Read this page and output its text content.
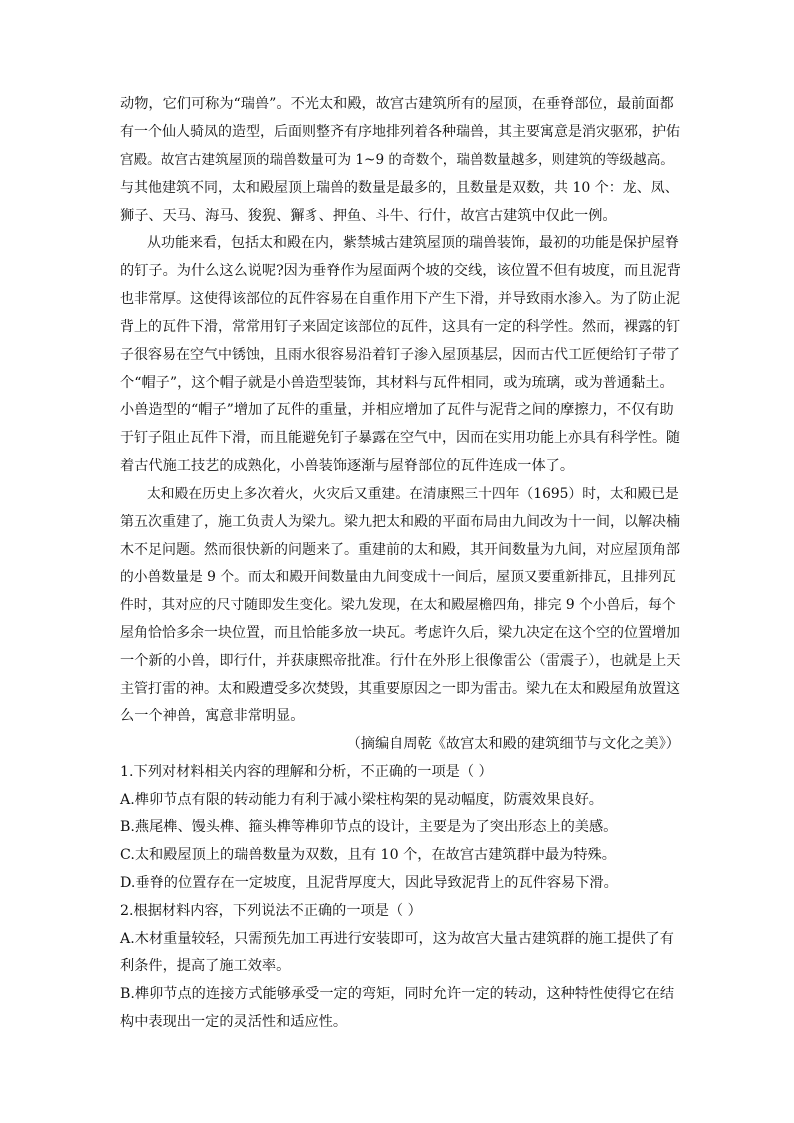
动物，它们可称为“瑞兽”。不光太和殿，故宫古建筑所有的屋顶，在垂脊部位，最前面都
有一个仙人骑凤的造型，后面则整齐有序地排列着各种瑞兽，其主要寓意是消灾驱邪，护佑
宫殿。故宫古建筑屋顶的瑞兽数量可为 1~9 的奇数个，瑞兽数量越多，则建筑的等级越高。
与其他建筑不同，太和殿屋顶上瑞兽的数量是最多的，且数量是双数，共 10 个：龙、凤、
狮子、天马、海马、狻猊、獬豸、押鱼、斗牛、行什，故宫古建筑中仅此一例。
从功能来看，包括太和殿在内，紫禁城古建筑屋顶的瑞兽装饰，最初的功能是保护屋脊
的钉子。为什么这么说呢?因为垂脊作为屋面两个坡的交线，该位置不但有坡度，而且泥背
也非常厚。这使得该部位的瓦件容易在自重作用下产生下滑，并导致雨水渗入。为了防止泥
背上的瓦件下滑，常常用钉子来固定该部位的瓦件，这具有一定的科学性。然而，裸露的钉
子很容易在空气中锈蚀，且雨水很容易沿着钉子渗入屋顶基层，因而古代工匠便给钉子带了
个“帽子”，这个帽子就是小兽造型装饰，其材料与瓦件相同，或为琉璃，或为普通黏土。
小兽造型的“帽子”增加了瓦件的重量，并相应增加了瓦件与泥背之间的摩擦力，不仅有助
于钉子阻止瓦件下滑，而且能避免钉子暴露在空气中，因而在实用功能上亦具有科学性。随
着古代施工技艺的成熟化，小兽装饰逐渐与屋脊部位的瓦件连成一体了。
太和殿在历史上多次着火，火灾后又重建。在清康熙三十四年（1695）时，太和殿已是
第五次重建了，施工负责人为梁九。梁九把太和殿的平面布局由九间改为十一间，以解决楠
木不足问题。然而很快新的问题来了。重建前的太和殿，其开间数量为九间，对应屋顶角部
的小兽数量是 9 个。而太和殿开间数量由九间变成十一间后，屋顶又要重新排瓦，且排列瓦
件时，其对应的尺寸随即发生变化。梁九发现，在太和殿屋檐四角，排完 9 个小兽后，每个
屋角恰恰多余一块位置，而且恰能多放一块瓦。考虑许久后，梁九决定在这个空的位置增加
一个新的小兽，即行什，并获康熙帝批准。行什在外形上很像雷公（雷震子），也就是上天
主管打雷的神。太和殿遭受多次焚毁，其重要原因之一即为雷击。梁九在太和殿屋角放置这
么一个神兽，寓意非常明显。
（摘编自周乾《故宫太和殿的建筑细节与文化之美》）
1.下列对材料相关内容的理解和分析，不正确的一项是（ ）
A.榫卯节点有限的转动能力有利于减小梁柱构架的晃动幅度，防震效果良好。
B.燕尾榫、馒头榫、箍头榫等榫卯节点的设计，主要是为了突出形态上的美感。
C.太和殿屋顶上的瑞兽数量为双数，且有 10 个，在故宫古建筑群中最为特殊。
D.垂脊的位置存在一定坡度，且泥背厚度大，因此导致泥背上的瓦件容易下滑。
2.根据材料内容，下列说法不正确的一项是（ ）
A.木材重量较轻，只需预先加工再进行安装即可，这为故宫大量古建筑群的施工提供了有
利条件，提高了施工效率。
B.榫卯节点的连接方式能够承受一定的弯矩，同时允许一定的转动，这种特性使得它在结
构中表现出一定的灵活性和适应性。
